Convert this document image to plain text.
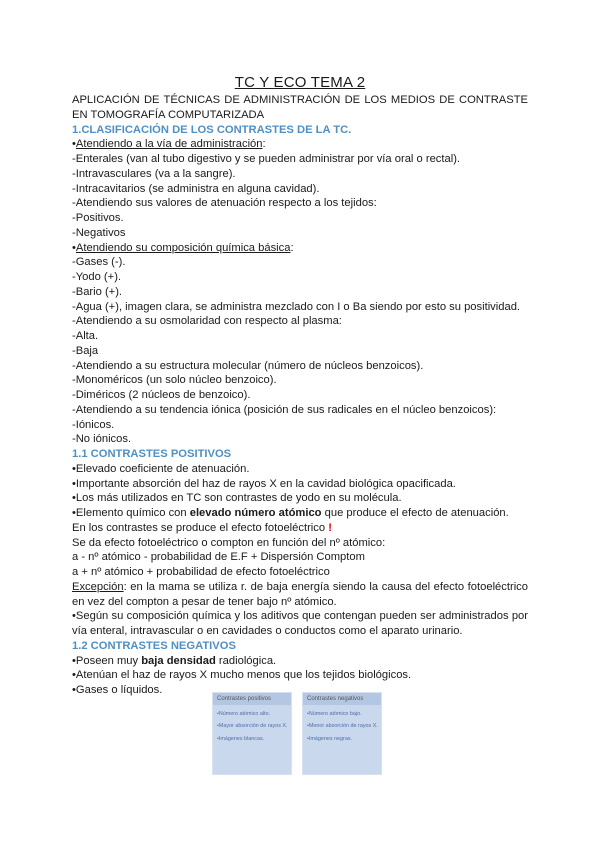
TC Y ECO TEMA 2
APLICACIÓN DE TÉCNICAS DE ADMINISTRACIÓN DE LOS MEDIOS DE CONTRASTE EN TOMOGRAFÍA COMPUTARIZADA
1.CLASIFICACIÓN DE LOS CONTRASTES DE LA TC.
•Atendiendo a la vía de administración:
-Enterales (van al tubo digestivo y se pueden administrar por vía oral o rectal).
-Intravasculares (va a la sangre).
-Intracavitarios (se administra en alguna cavidad).
-Atendiendo sus valores de atenuación respecto a los tejidos:
-Positivos.
-Negativos
•Atendiendo su composición química básica:
-Gases (-).
-Yodo (+).
-Bario (+).
-Agua (+), imagen clara, se administra mezclado con I o Ba siendo por esto su positividad.
-Atendiendo a su osmolaridad con respecto al plasma:
-Alta.
-Baja
-Atendiendo a su estructura molecular (número de núcleos benzoicos).
-Monoméricos (un solo núcleo benzoico).
-Diméricos (2 núcleos de benzoico).
-Atendiendo a su tendencia iónica (posición de sus radicales en el núcleo benzoicos):
-Iónicos.
-No iónicos.
1.1 CONTRASTES POSITIVOS
•Elevado coeficiente de atenuación.
•Importante absorción del haz de rayos X en la cavidad biológica opacificada.
•Los más utilizados en TC son contrastes de yodo en su molécula.
•Elemento químico con elevado número atómico que produce el efecto de atenuación.
En los contrastes se produce el efecto fotoeléctrico !
Se da efecto fotoeléctrico o compton en función del nº atómico:
a - nº atómico - probabilidad de E.F + Dispersión Comptom
a + nº atómico + probabilidad de efecto fotoeléctrico
Excepción: en la mama se utiliza r. de baja energía siendo la causa del efecto fotoeléctrico en vez del compton a pesar de tener bajo nº atómico.
•Según su composición química y los aditivos que contengan pueden ser administrados por vía enteral, intravascular o en cavidades o conductos como el aparato urinario.
1.2 CONTRASTES NEGATIVOS
•Poseen muy baja densidad radiológica.
•Atenúan el haz de rayos X mucho menos que los tejidos biológicos.
•Gases o líquidos.
Contrastes positivos
•Número atómico alto.
•Mayor absorción de rayos X.
•Imágenes blancas.
Contrastes negativos
•Número atómico bajo.
•Menor absorción de rayos X.
•Imágenes negras.
